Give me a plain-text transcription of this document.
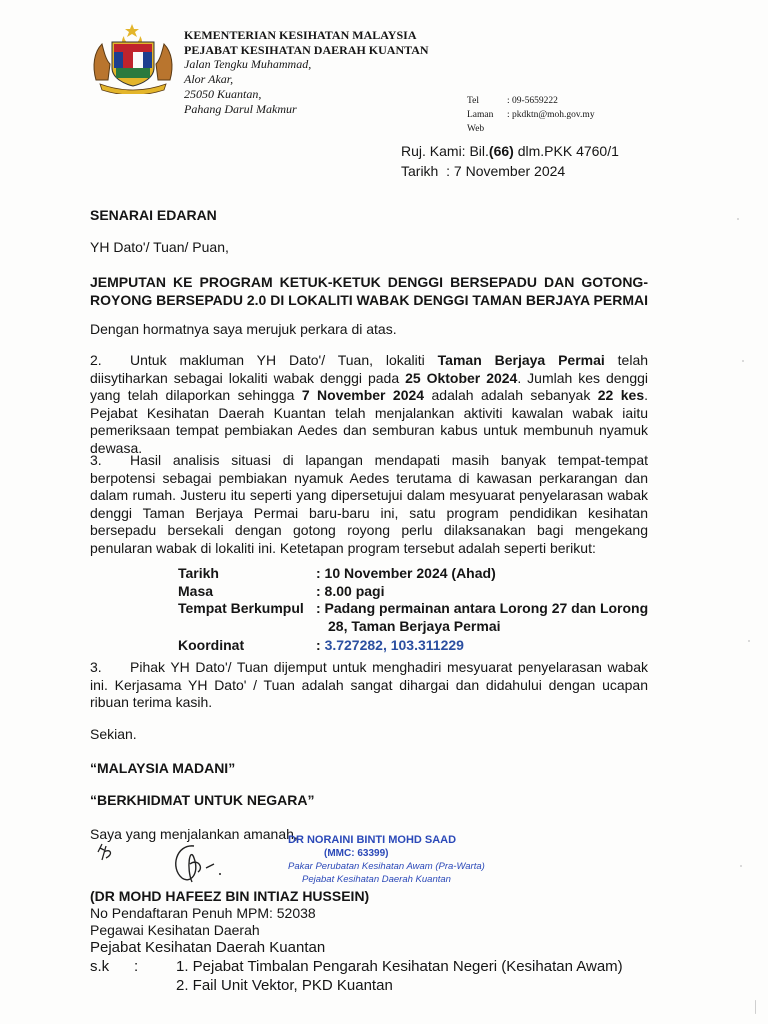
KEMENTERIAN KESIHATAN MALAYSIA
PEJABAT KESIHATAN DAERAH KUANTAN
Jalan Tengku Muhammad,
Alor Akar,
25050 Kuantan,
Pahang Darul Makmur
Tel	: 09-5659222
Laman Web
: pkdktn@moh.gov.my
Ruj. Kami:
Bil. (66) dlm.PKK 4760/1
Tarikh  :
7 November 2024
SENARAI EDARAN
YH Dato'/ Tuan/ Puan,
JEMPUTAN KE PROGRAM KETUK-KETUK DENGGI BERSEPADU DAN GOTONG-ROYONG BERSEPADU 2.0 DI LOKALITI WABAK DENGGI TAMAN BERJAYA PERMAI
Dengan hormatnya saya merujuk perkara di atas.
2. Untuk makluman YH Dato'/ Tuan, lokaliti Taman Berjaya Permai telah diisytiharkan sebagai lokaliti wabak denggi pada 25 Oktober 2024. Jumlah kes denggi yang telah dilaporkan sehingga 7 November 2024 adalah adalah sebanyak 22 kes. Pejabat Kesihatan Daerah Kuantan telah menjalankan aktiviti kawalan wabak iaitu pemeriksaan tempat pembiakan Aedes dan semburan kabus untuk membunuh nyamuk dewasa.
3. Hasil analisis situasi di lapangan mendapati masih banyak tempat-tempat berpotensi sebagai pembiakan nyamuk Aedes terutama di kawasan perkarangan dan dalam rumah. Justeru itu seperti yang dipersetujui dalam mesyuarat penyelarasan wabak denggi Taman Berjaya Permai baru-baru ini, satu program pendidikan kesihatan bersepadu bersekali dengan gotong royong perlu dilaksanakan bagi mengekang penularan wabak di lokaliti ini. Ketetapan program tersebut adalah seperti berikut:
Tarikh	: 10 November 2024 (Ahad)
Masa	: 8.00 pagi
Tempat Berkumpul : Padang permainan antara Lorong 27 dan Lorong
28, Taman Berjaya Permai
Koordinat	: 3.727282, 103.311229
3. Pihak YH Dato'/ Tuan dijemput untuk menghadiri mesyuarat penyelarasan wabak ini. Kerjasama YH Dato' / Tuan adalah sangat dihargai dan didahului dengan ucapan ribuan terima kasih.
Sekian.
“MALAYSIA MADANI”
“BERKHIDMAT UNTUK NEGARA”
Saya yang menjalankan amanah,
DR NORAINI BINTI MOHD SAAD
(MMC: 63399)
Pakar Perubatan Kesihatan Awam (Pra-Warta)
Pejabat Kesihatan Daerah Kuantan
(DR MOHD HAFEEZ BIN INTIAZ HUSSEIN)
No Pendaftaran Penuh MPM: 52038
Pegawai Kesihatan Daerah
Pejabat Kesihatan Daerah Kuantan
s.k	:	1. Pejabat Timbalan Pengarah Kesihatan Negeri (Kesihatan Awam)
2. Fail Unit Vektor, PKD Kuantan
